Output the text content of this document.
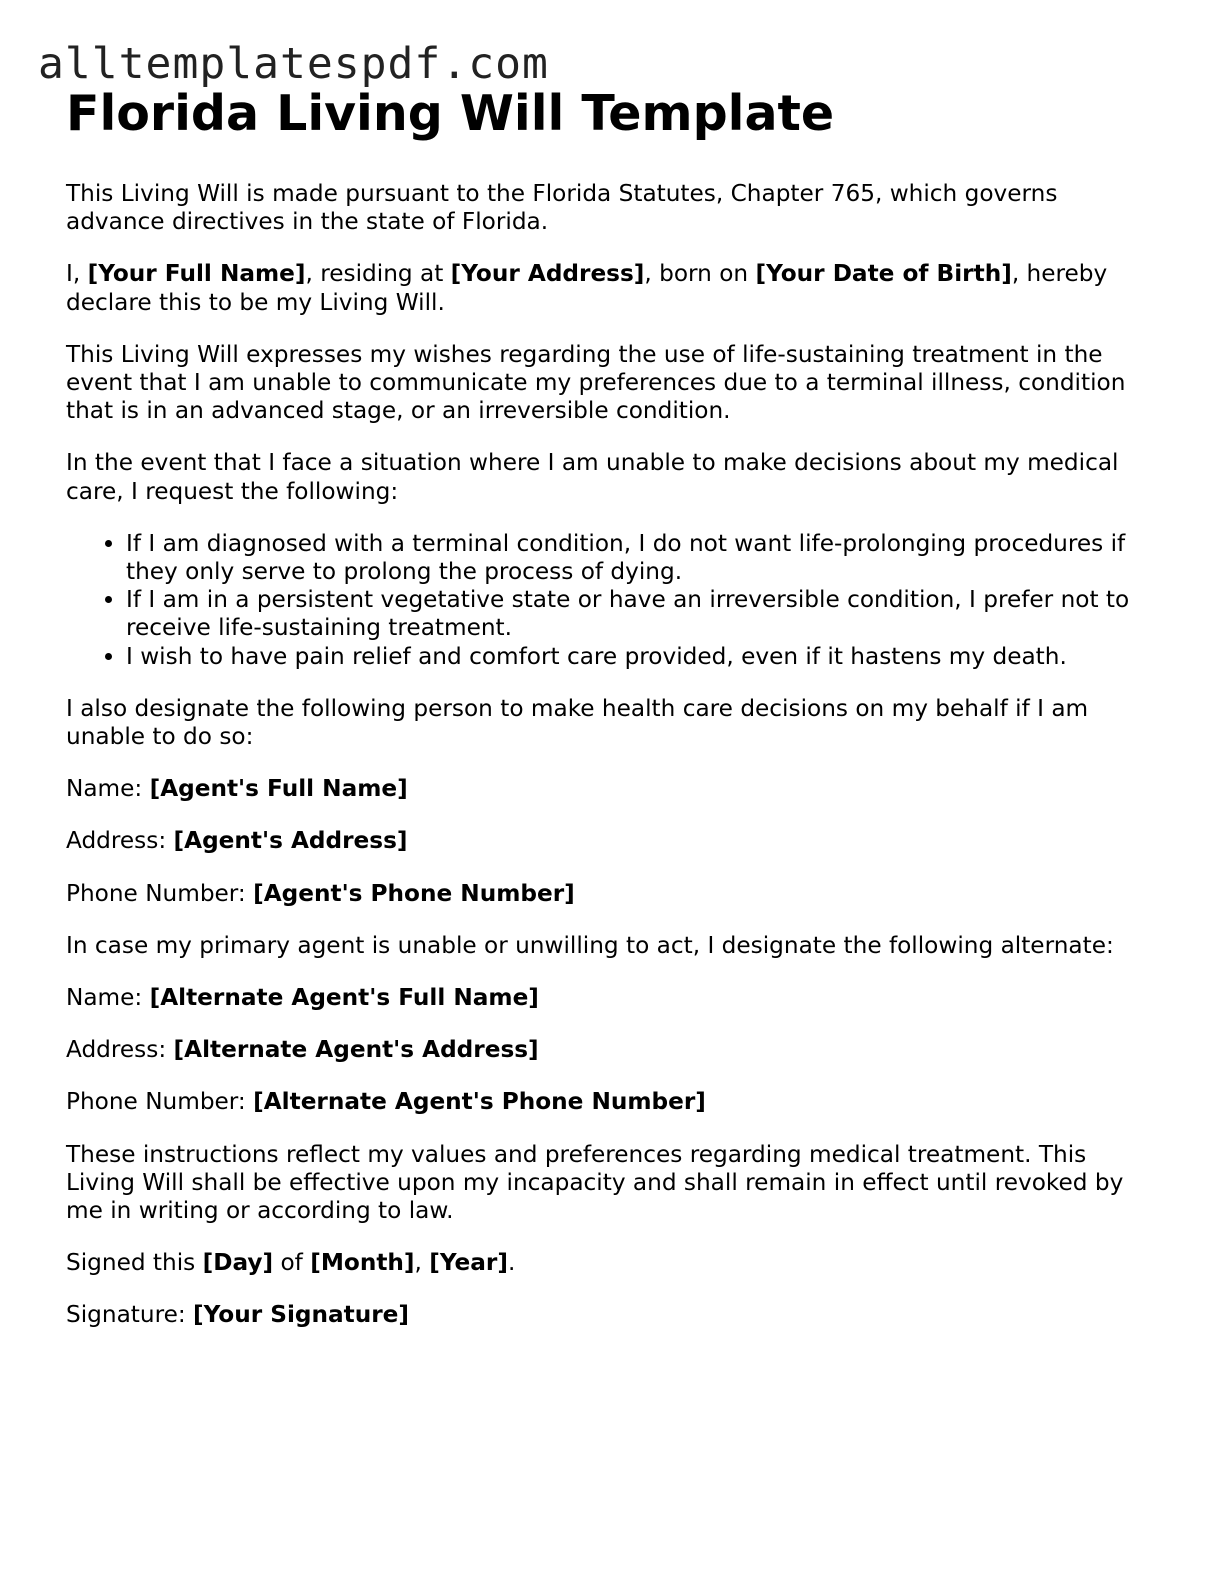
alltemplatespdf.com
Florida Living Will Template

This Living Will is made pursuant to the Florida Statutes, Chapter 765, which governs advance directives in the state of Florida.

I, [Your Full Name], residing at [Your Address], born on [Your Date of Birth], hereby declare this to be my Living Will.

This Living Will expresses my wishes regarding the use of life-sustaining treatment in the event that I am unable to communicate my preferences due to a terminal illness, condition that is in an advanced stage, or an irreversible condition.

In the event that I face a situation where I am unable to make decisions about my medical care, I request the following:

• If I am diagnosed with a terminal condition, I do not want life-prolonging procedures if they only serve to prolong the process of dying.
• If I am in a persistent vegetative state or have an irreversible condition, I prefer not to receive life-sustaining treatment.
• I wish to have pain relief and comfort care provided, even if it hastens my death.

I also designate the following person to make health care decisions on my behalf if I am unable to do so:

Name: [Agent's Full Name]

Address: [Agent's Address]

Phone Number: [Agent's Phone Number]

In case my primary agent is unable or unwilling to act, I designate the following alternate:

Name: [Alternate Agent's Full Name]

Address: [Alternate Agent's Address]

Phone Number: [Alternate Agent's Phone Number]

These instructions reflect my values and preferences regarding medical treatment. This Living Will shall be effective upon my incapacity and shall remain in effect until revoked by me in writing or according to law.

Signed this [Day] of [Month], [Year].

Signature: [Your Signature]
